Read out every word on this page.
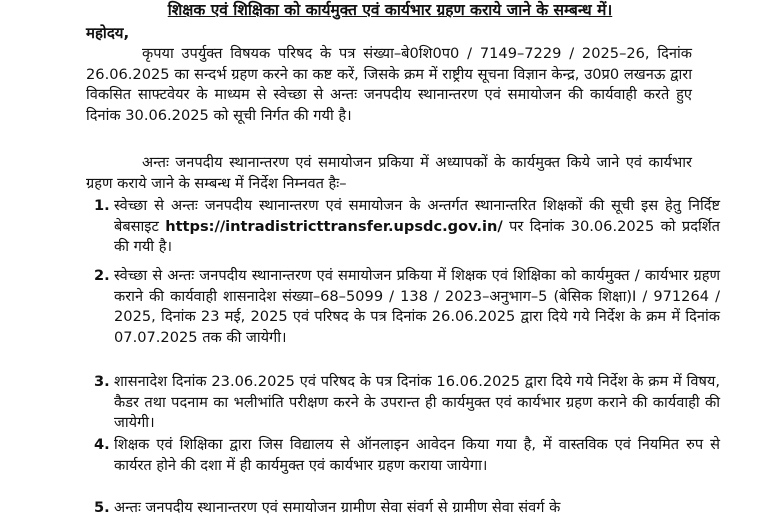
शिक्षक एवं शिक्षिका को कार्यमुक्त एवं कार्यभार ग्रहण कराये जाने के सम्बन्ध में।
महोदय,
कृपया उपर्युक्त विषयक परिषद के पत्र संख्या–बे0शि0प0 / 7149–7229 / 2025–26, दिनांक 26.06.2025 का सन्दर्भ ग्रहण करने का कष्ट करें, जिसके क्रम में राष्ट्रीय सूचना विज्ञान केन्द्र, उ0प्र0 लखनऊ द्वारा विकसित साफ्टवेयर के माध्यम से स्वेच्छा से अन्तः जनपदीय स्थानान्तरण एवं समायोजन की कार्यवाही करते हुए दिनांक 30.06.2025 को सूची निर्गत की गयी है।
अन्तः जनपदीय स्थानान्तरण एवं समायोजन प्रकिया में अध्यापकों के कार्यमुक्त किये जाने एवं कार्यभार ग्रहण कराये जाने के सम्बन्ध में निर्देश निम्नवत हैः–
1. स्वेच्छा से अन्तः जनपदीय स्थानान्तरण एवं समायोजन के अन्तर्गत स्थानान्तरित शिक्षकों की सूची इस हेतु निर्दिष्ट बेबसाइट https://intradistricttransfer.upsdc.gov.in/ पर दिनांक 30.06.2025 को प्रदर्शित की गयी है।
2. स्वेच्छा से अन्तः जनपदीय स्थानान्तरण एवं समायोजन प्रकिया में शिक्षक एवं शिक्षिका को कार्यमुक्त / कार्यभार ग्रहण कराने की कार्यवाही शासनादेश संख्या–68–5099 / 138 / 2023–अनुभाग–5 (बेसिक शिक्षा)I / 971264 / 2025, दिनांक 23 मई, 2025 एवं परिषद के पत्र दिनांक 26.06.2025 द्वारा दिये गये निर्देश के क्रम में दिनांक 07.07.2025 तक की जायेगी।
3. शासनादेश दिनांक 23.06.2025 एवं परिषद के पत्र दिनांक 16.06.2025 द्वारा दिये गये निर्देश के क्रम में विषय, कैडर तथा पदनाम का भलीभांति परीक्षण करने के उपरान्त ही कार्यमुक्त एवं कार्यभार ग्रहण कराने की कार्यवाही की जायेगी।
4. शिक्षक एवं शिक्षिका द्वारा जिस विद्यालय से ऑनलाइन आवेदन किया गया है, में वास्तविक एवं नियमित रुप से कार्यरत होने की दशा में ही कार्यमुक्त एवं कार्यभार ग्रहण कराया जायेगा।
5. अन्तः जनपदीय स्थानान्तरण एवं समायोजन ग्रामीण सेवा संवर्ग से ग्रामीण सेवा संवर्ग के
